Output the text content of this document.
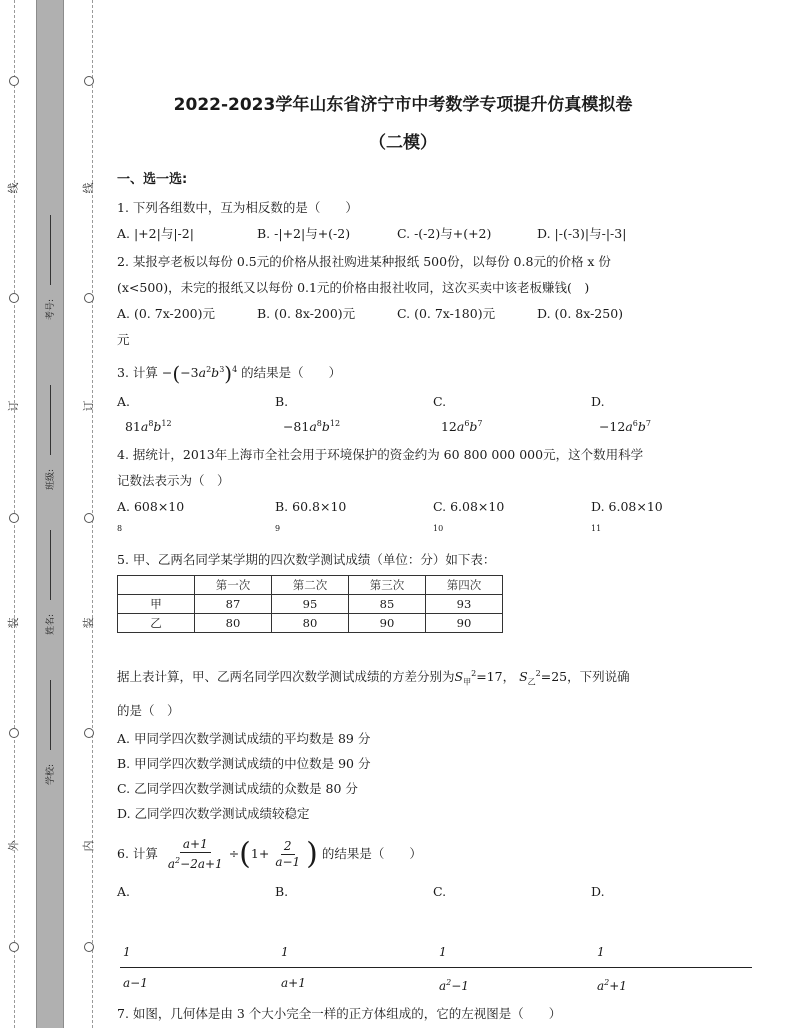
线
订
装
外
线
订
装
内
考号:
班级:
姓名:
学校:
2022-2023学年山东省济宁市中考数学专项提升仿真模拟卷
（二模）
一、选一选:
1. 下列各组数中，互为相反数的是（　　）
A. |+2|与|-2|	B. -|+2|与+(-2)	C. -(-2)与+(+2)	D. |-(-3)|与-|-3|
2. 某报亭老板以每份 0.5元的价格从报社购进某种报纸 500份，以每份 0.8元的价格 x 份
(x<500)，未完的报纸又以每份 0.1元的价格由报社收同，这次买卖中该老板赚钱(　)
A. (0. 7x-200)元	B. (0. 8x-200)元	C. (0. 7x-180)元	D. (0. 8x-250)
元
3. 计算 $-(-3a^2b^3)^4$ 的结果是（　　）
A.
$81a^8b^{12}$
B.
$-81a^8b^{12}$
C.
$12a^6b^7$
D.
$-12a^6b^7$
4. 据统计，2013年上海市全社会用于环境保护的资金约为 60 800 000 000元，这个数用科学
记数法表示为（　）
A. 608×10
$^8$
B. 60.8×10
$^9$
C. 6.08×10
$^{10}$
D. 6.08×10
$^{11}$
5. 甲、乙两名同学某学期的四次数学测试成绩（单位：分）如下表：
	第一次	第二次	第三次	第四次
甲	87	95	85	93
乙	80	80	90	90
据上表计算，甲、乙两名同学四次数学测试成绩的方差分别为$S_甲^2=17$， $S_乙^2=25$，下列说确
的是（　）
A. 甲同学四次数学测试成绩的平均数是 89 分
B. 甲同学四次数学测试成绩的中位数是 90 分
C. 乙同学四次数学测试成绩的众数是 80 分
D. 乙同学四次数学测试成绩较稳定
6. 计算 $\frac{a+1}{a^2-2a+1} \div(1+ \frac{2}{a-1}$ ) 的结果是（　　）
A.

1
a−1
B.

1
a+1
C.

1
$a^2-1$
D.

1
$a^2+1$
7. 如图，几何体是由 3 个大小完全一样的正方体组成的，它的左视图是（　　）
